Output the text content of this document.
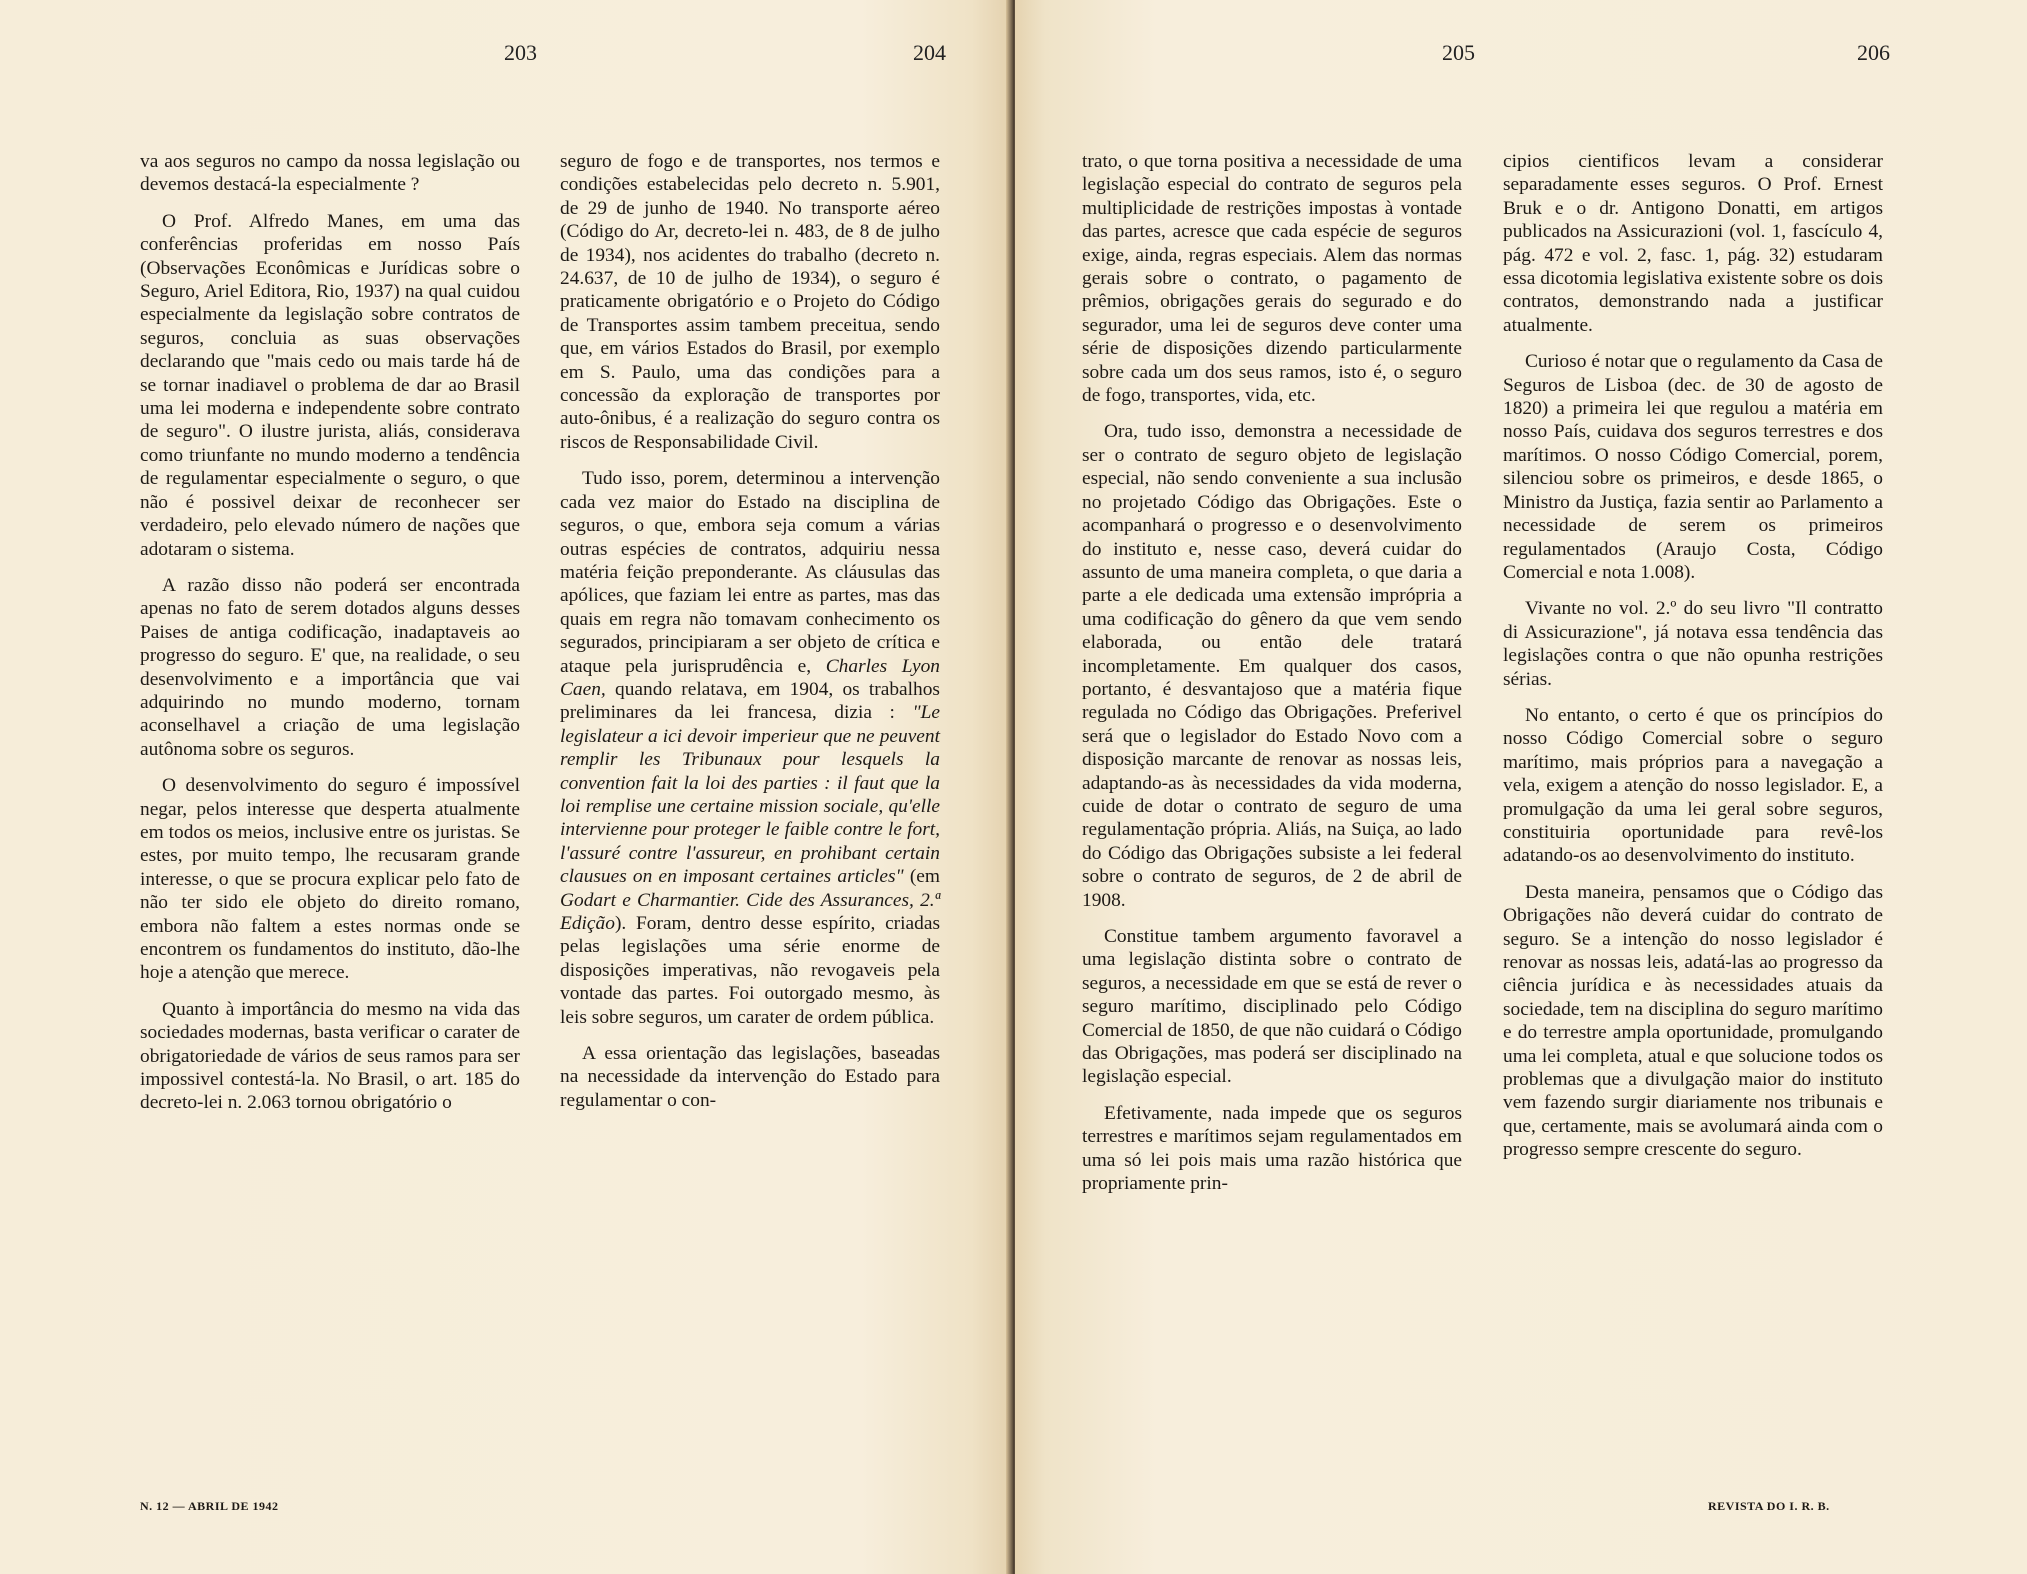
203	204

va aos seguros no campo da nossa legislação ou devemos destacá-la especialmente ?

O Prof. Alfredo Manes, em uma das conferências proferidas em nosso País (Observações Econômicas e Jurídicas sobre o Seguro, Ariel Editora, Rio, 1937) na qual cuidou especialmente da legislação sobre contratos de seguros, concluia as suas observações declarando que "mais cedo ou mais tarde há de se tornar inadiavel o problema de dar ao Brasil uma lei moderna e independente sobre contrato de seguro". O ilustre jurista, aliás, considerava como triunfante no mundo moderno a tendência de regulamentar especialmente o seguro, o que não é possivel deixar de reconhecer ser verdadeiro, pelo elevado número de nações que adotaram o sistema.

A razão disso não poderá ser encontrada apenas no fato de serem dotados alguns desses Paises de antiga codificação, inadaptaveis ao progresso do seguro. E' que, na realidade, o seu desenvolvimento e a importância que vai adquirindo no mundo moderno, tornam aconselhavel a criação de uma legislação autônoma sobre os seguros.

O desenvolvimento do seguro é impossível negar, pelos interesse que desperta atualmente em todos os meios, inclusive entre os juristas. Se estes, por muito tempo, lhe recusaram grande interesse, o que se procura explicar pelo fato de não ter sido ele objeto do direito romano, embora não faltem a estes normas onde se encontrem os fundamentos do instituto, dão-lhe hoje a atenção que merece.

Quanto à importância do mesmo na vida das sociedades modernas, basta verificar o carater de obrigatoriedade de vários de seus ramos para ser impossivel contestá-la. No Brasil, o art. 185 do decreto-lei n. 2.063 tornou obrigatório o

seguro de fogo e de transportes, nos termos e condições estabelecidas pelo decreto n. 5.901, de 29 de junho de 1940. No transporte aéreo (Código do Ar, decreto-lei n. 483, de 8 de julho de 1934), nos acidentes do trabalho (decreto n. 24.637, de 10 de julho de 1934), o seguro é praticamente obrigatório e o Projeto do Código de Transportes assim tambem preceitua, sendo que, em vários Estados do Brasil, por exemplo em S. Paulo, uma das condições para a concessão da exploração de transportes por auto-ônibus, é a realização do seguro contra os riscos de Responsabilidade Civil.

Tudo isso, porem, determinou a intervenção cada vez maior do Estado na disciplina de seguros, o que, embora seja comum a várias outras espécies de contratos, adquiriu nessa matéria feição preponderante. As cláusulas das apólices, que faziam lei entre as partes, mas das quais em regra não tomavam conhecimento os segurados, principiaram a ser objeto de crítica e ataque pela jurisprudência e, Charles Lyon Caen, quando relatava, em 1904, os trabalhos preliminares da lei francesa, dizia : "Le legislateur a ici devoir imperieur que ne peuvent remplir les Tribunaux pour lesquels la convention fait la loi des parties : il faut que la loi remplise une certaine mission sociale, qu'elle intervienne pour proteger le faible contre le fort, l'assuré contre l'assureur, en prohibant certain clausues on en imposant certaines articles" (em Godart e Charmantier. Cide des Assurances, 2.ª Edição). Foram, dentro desse espírito, criadas pelas legislações uma série enorme de disposições imperativas, não revogaveis pela vontade das partes. Foi outorgado mesmo, às leis sobre seguros, um carater de ordem pública.

A essa orientação das legislações, baseadas na necessidade da intervenção do Estado para regulamentar o con-

N. 12 — ABRIL DE 1942
205	206

trato, o que torna positiva a necessidade de uma legislação especial do contrato de seguros pela multiplicidade de restrições impostas à vontade das partes, acresce que cada espécie de seguros exige, ainda, regras especiais. Alem das normas gerais sobre o contrato, o pagamento de prêmios, obrigações gerais do segurado e do segurador, uma lei de seguros deve conter uma série de disposições dizendo particularmente sobre cada um dos seus ramos, isto é, o seguro de fogo, transportes, vida, etc.

Ora, tudo isso, demonstra a necessidade de ser o contrato de seguro objeto de legislação especial, não sendo conveniente a sua inclusão no projetado Código das Obrigações. Este o acompanhará o progresso e o desenvolvimento do instituto e, nesse caso, deverá cuidar do assunto de uma maneira completa, o que daria a parte a ele dedicada uma extensão imprópria a uma codificação do gênero da que vem sendo elaborada, ou então dele tratará incompletamente. Em qualquer dos casos, portanto, é desvantajoso que a matéria fique regulada no Código das Obrigações. Preferivel será que o legislador do Estado Novo com a disposição marcante de renovar as nossas leis, adaptando-as às necessidades da vida moderna, cuide de dotar o contrato de seguro de uma regulamentação própria. Aliás, na Suiça, ao lado do Código das Obrigações subsiste a lei federal sobre o contrato de seguros, de 2 de abril de 1908.

Constitue tambem argumento favoravel a uma legislação distinta sobre o contrato de seguros, a necessidade em que se está de rever o seguro marítimo, disciplinado pelo Código Comercial de 1850, de que não cuidará o Código das Obrigações, mas poderá ser disciplinado na legislação especial.

Efetivamente, nada impede que os seguros terrestres e marítimos sejam regulamentados em uma só lei pois mais uma razão histórica que propriamente prin-

cipios cientificos levam a considerar separadamente esses seguros. O Prof. Ernest Bruk e o dr. Antigono Donatti, em artigos publicados na Assicurazioni (vol. 1, fascículo 4, pág. 472 e vol. 2, fasc. 1, pág. 32) estudaram essa dicotomia legislativa existente sobre os dois contratos, demonstrando nada a justificar atualmente.

Curioso é notar que o regulamento da Casa de Seguros de Lisboa (dec. de 30 de agosto de 1820) a primeira lei que regulou a matéria em nosso País, cuidava dos seguros terrestres e dos marítimos. O nosso Código Comercial, porem, silenciou sobre os primeiros, e desde 1865, o Ministro da Justiça, fazia sentir ao Parlamento a necessidade de serem os primeiros regulamentados (Araujo Costa, Código Comercial e nota 1.008).

Vivante no vol. 2.º do seu livro "Il contratto di Assicurazione", já notava essa tendência das legislações contra o que não opunha restrições sérias.

No entanto, o certo é que os princípios do nosso Código Comercial sobre o seguro marítimo, mais próprios para a navegação a vela, exigem a atenção do nosso legislador. E, a promulgação da uma lei geral sobre seguros, constituiria oportunidade para revê-los adatando-os ao desenvolvimento do instituto.

Desta maneira, pensamos que o Código das Obrigações não deverá cuidar do contrato de seguro. Se a intenção do nosso legislador é renovar as nossas leis, adatá-las ao progresso da ciência jurídica e às necessidades atuais da sociedade, tem na disciplina do seguro marítimo e do terrestre ampla oportunidade, promulgando uma lei completa, atual e que solucione todos os problemas que a divulgação maior do instituto vem fazendo surgir diariamente nos tribunais e que, certamente, mais se avolumará ainda com o progresso sempre crescente do seguro.

REVISTA DO I. R. B.
